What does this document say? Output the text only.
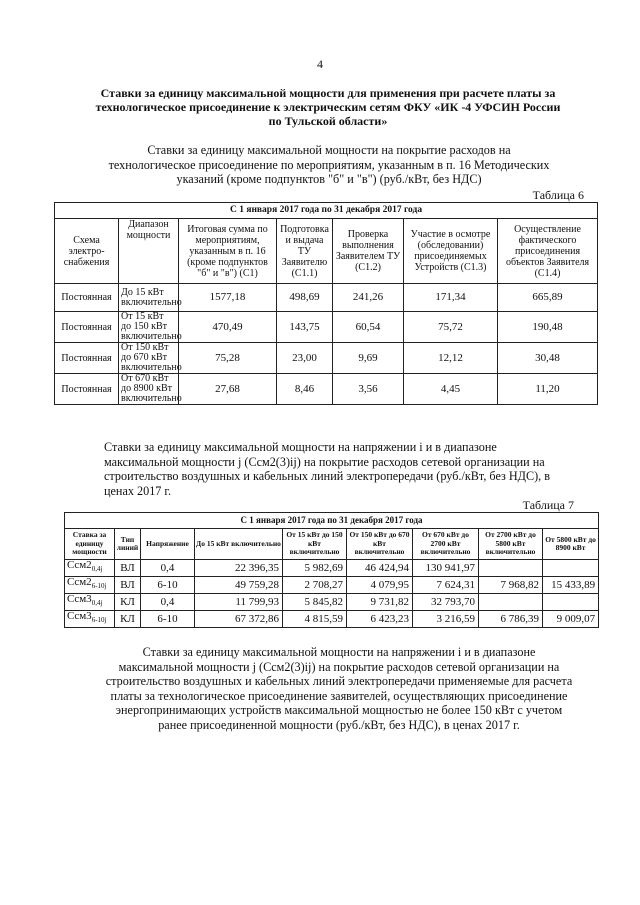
4
Ставки за единицу максимальной мощности для применения при расчете платы за технологическое присоединение к электрическим сетям ФКУ «ИК -4 УФСИН России по Тульской области»
Ставки за единицу максимальной мощности на покрытие расходов на технологическое присоединение по мероприятиям, указанным в п. 16 Методических указаний (кроме подпунктов "б" и "в") (руб./кВт, без НДС)
Таблица 6
С 1 января 2017 года по 31 декабря 2017 года						
Схема электро-снабжения	Диапазон мощности	Итоговая сумма по мероприятиям, указанным в п. 16 (кроме подпунктов "б" и "в") (С1)	Подготовка и выдача ТУ Заявителю (С1.1)	Проверка выполнения Заявителем ТУ (С1.2)	Участие в осмотре (обследовании) присоединяемых Устройств (С1.3)	Осуществление фактического присоединения объектов Заявителя (С1.4)
Постоянная	До 15 кВт включительно	1577,18	498,69	241,26	171,34	665,89
Постоянная	От 15 кВт до 150 кВт включительно	470,49	143,75	60,54	75,72	190,48
Постоянная	От 150 кВт до 670 кВт включительно	75,28	23,00	9,69	12,12	30,48
Постоянная	От 670 кВт до 8900 кВт включительно	27,68	8,46	3,56	4,45	11,20
Ставки за единицу максимальной мощности на напряжении i и в диапазоне максимальной мощности j (Cсм2(3)ij) на покрытие расходов сетевой организации на строительство воздушных и кабельных линий электропередачи (руб./кВт, без НДС), в ценах 2017 г.
Таблица 7
С 1 января 2017 года по 31 декабря 2017 года								
Ставка за единицу мощности	Тип линий	Напряжение	До 15 кВт включительно	От 15 кВт до 150 кВт включительно	От 150 кВт до 670 кВт включительно	От 670 кВт до 2700 кВт включительно	От 2700 кВт до 5800 кВт включительно	От 5800 кВт до 8900 кВт
$Cсм2_{0,4j}$	ВЛ	0,4	22 396,35	5 982,69	46 424,94	130 941,97		
$Cсм2_{6-10j}$	ВЛ	6-10	49 759,28	2 708,27	4 079,95	7 624,31	7 968,82	15 433,89
$Cсм3_{0,4j}$	КЛ	0,4	11 799,93	5 845,82	9 731,82	32 793,70		
$Cсм3_{6-10j}$	КЛ	6-10	67 372,86	4 815,59	6 423,23	3 216,59	6 786,39	9 009,07
Ставки за единицу максимальной мощности на напряжении i и в диапазоне максимальной мощности j (Cсм2(3)ij) на покрытие расходов сетевой организации на строительство воздушных и кабельных линий электропередачи применяемые для расчета платы за технологическое присоединение заявителей, осуществляющих присоединение энергопринимающих устройств максимальной мощностью не более 150 кВт с учетом ранее присоединенной мощности (руб./кВт, без НДС), в ценах 2017 г.
